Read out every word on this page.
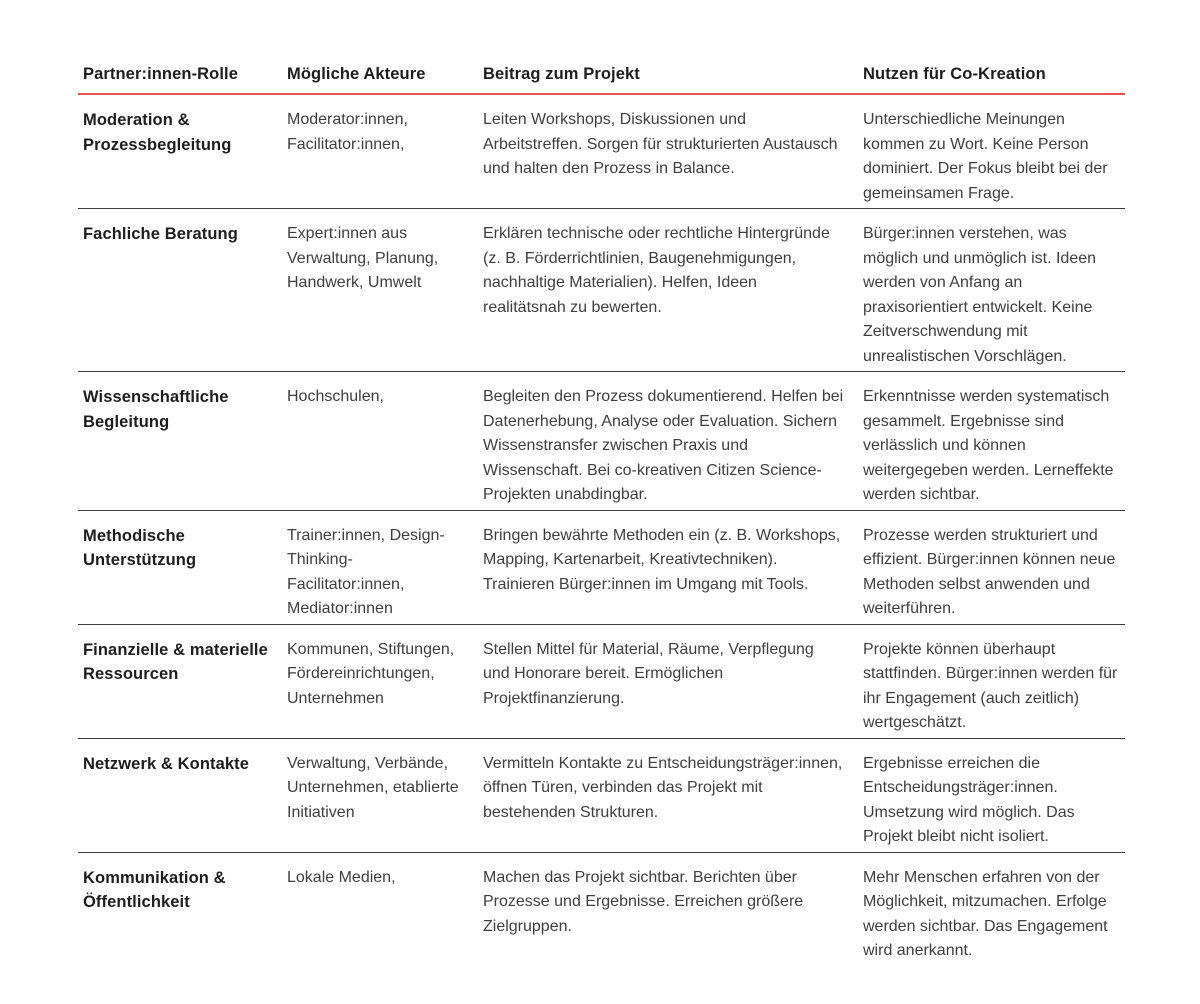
Partner:innen-Rolle	Mögliche Akteure	Beitrag zum Projekt	Nutzen für Co-Kreation
Moderation & Prozessbegleitung	Moderator:innen, Facilitator:innen,	Leiten Workshops, Diskussionen und Arbeitstreffen. Sorgen für strukturierten Austausch und halten den Prozess in Balance.	Unterschiedliche Meinungen kommen zu Wort. Keine Person dominiert. Der Fokus bleibt bei der gemeinsamen Frage.
Fachliche Beratung	Expert:innen aus Verwaltung, Planung, Handwerk, Umwelt	Erklären technische oder rechtliche Hintergründe (z. B. Förderrichtlinien, Baugenehmigungen, nachhaltige Materialien). Helfen, Ideen realitätsnah zu bewerten.	Bürger:innen verstehen, was möglich und unmöglich ist. Ideen werden von Anfang an praxisorientiert entwickelt. Keine Zeitverschwendung mit unrealistischen Vorschlägen.
Wissenschaftliche Begleitung	Hochschulen,	Begleiten den Prozess dokumentierend. Helfen bei Datenerhebung, Analyse oder Evaluation. Sichern Wissenstransfer zwischen Praxis und Wissenschaft. Bei co-kreativen Citizen Science-Projekten unabdingbar.	Erkenntnisse werden systematisch gesammelt. Ergebnisse sind verlässlich und können weitergegeben werden. Lerneffekte werden sichtbar.
Methodische Unterstützung	Trainer:innen, Design-Thinking-Facilitator:innen, Mediator:innen	Bringen bewährte Methoden ein (z. B. Workshops, Mapping, Kartenarbeit, Kreativtechniken). Trainieren Bürger:innen im Umgang mit Tools.	Prozesse werden strukturiert und effizient. Bürger:innen können neue Methoden selbst anwenden und weiterführen.
Finanzielle & materielle Ressourcen	Kommunen, Stiftungen, Fördereinrichtungen, Unternehmen	Stellen Mittel für Material, Räume, Verpflegung und Honorare bereit. Ermöglichen Projektfinanzierung.	Projekte können überhaupt stattfinden. Bürger:innen werden für ihr Engagement (auch zeitlich) wertgeschätzt.
Netzwerk & Kontakte	Verwaltung, Verbände, Unternehmen, etablierte Initiativen	Vermitteln Kontakte zu Entscheidungsträger:innen, öffnen Türen, verbinden das Projekt mit bestehenden Strukturen.	Ergebnisse erreichen die Entscheidungsträger:innen. Umsetzung wird möglich. Das Projekt bleibt nicht isoliert.
Kommunikation & Öffentlichkeit	Lokale Medien,	Machen das Projekt sichtbar. Berichten über Prozesse und Ergebnisse. Erreichen größere Zielgruppen.	Mehr Menschen erfahren von der Möglichkeit, mitzumachen. Erfolge werden sichtbar. Das Engagement wird anerkannt.
